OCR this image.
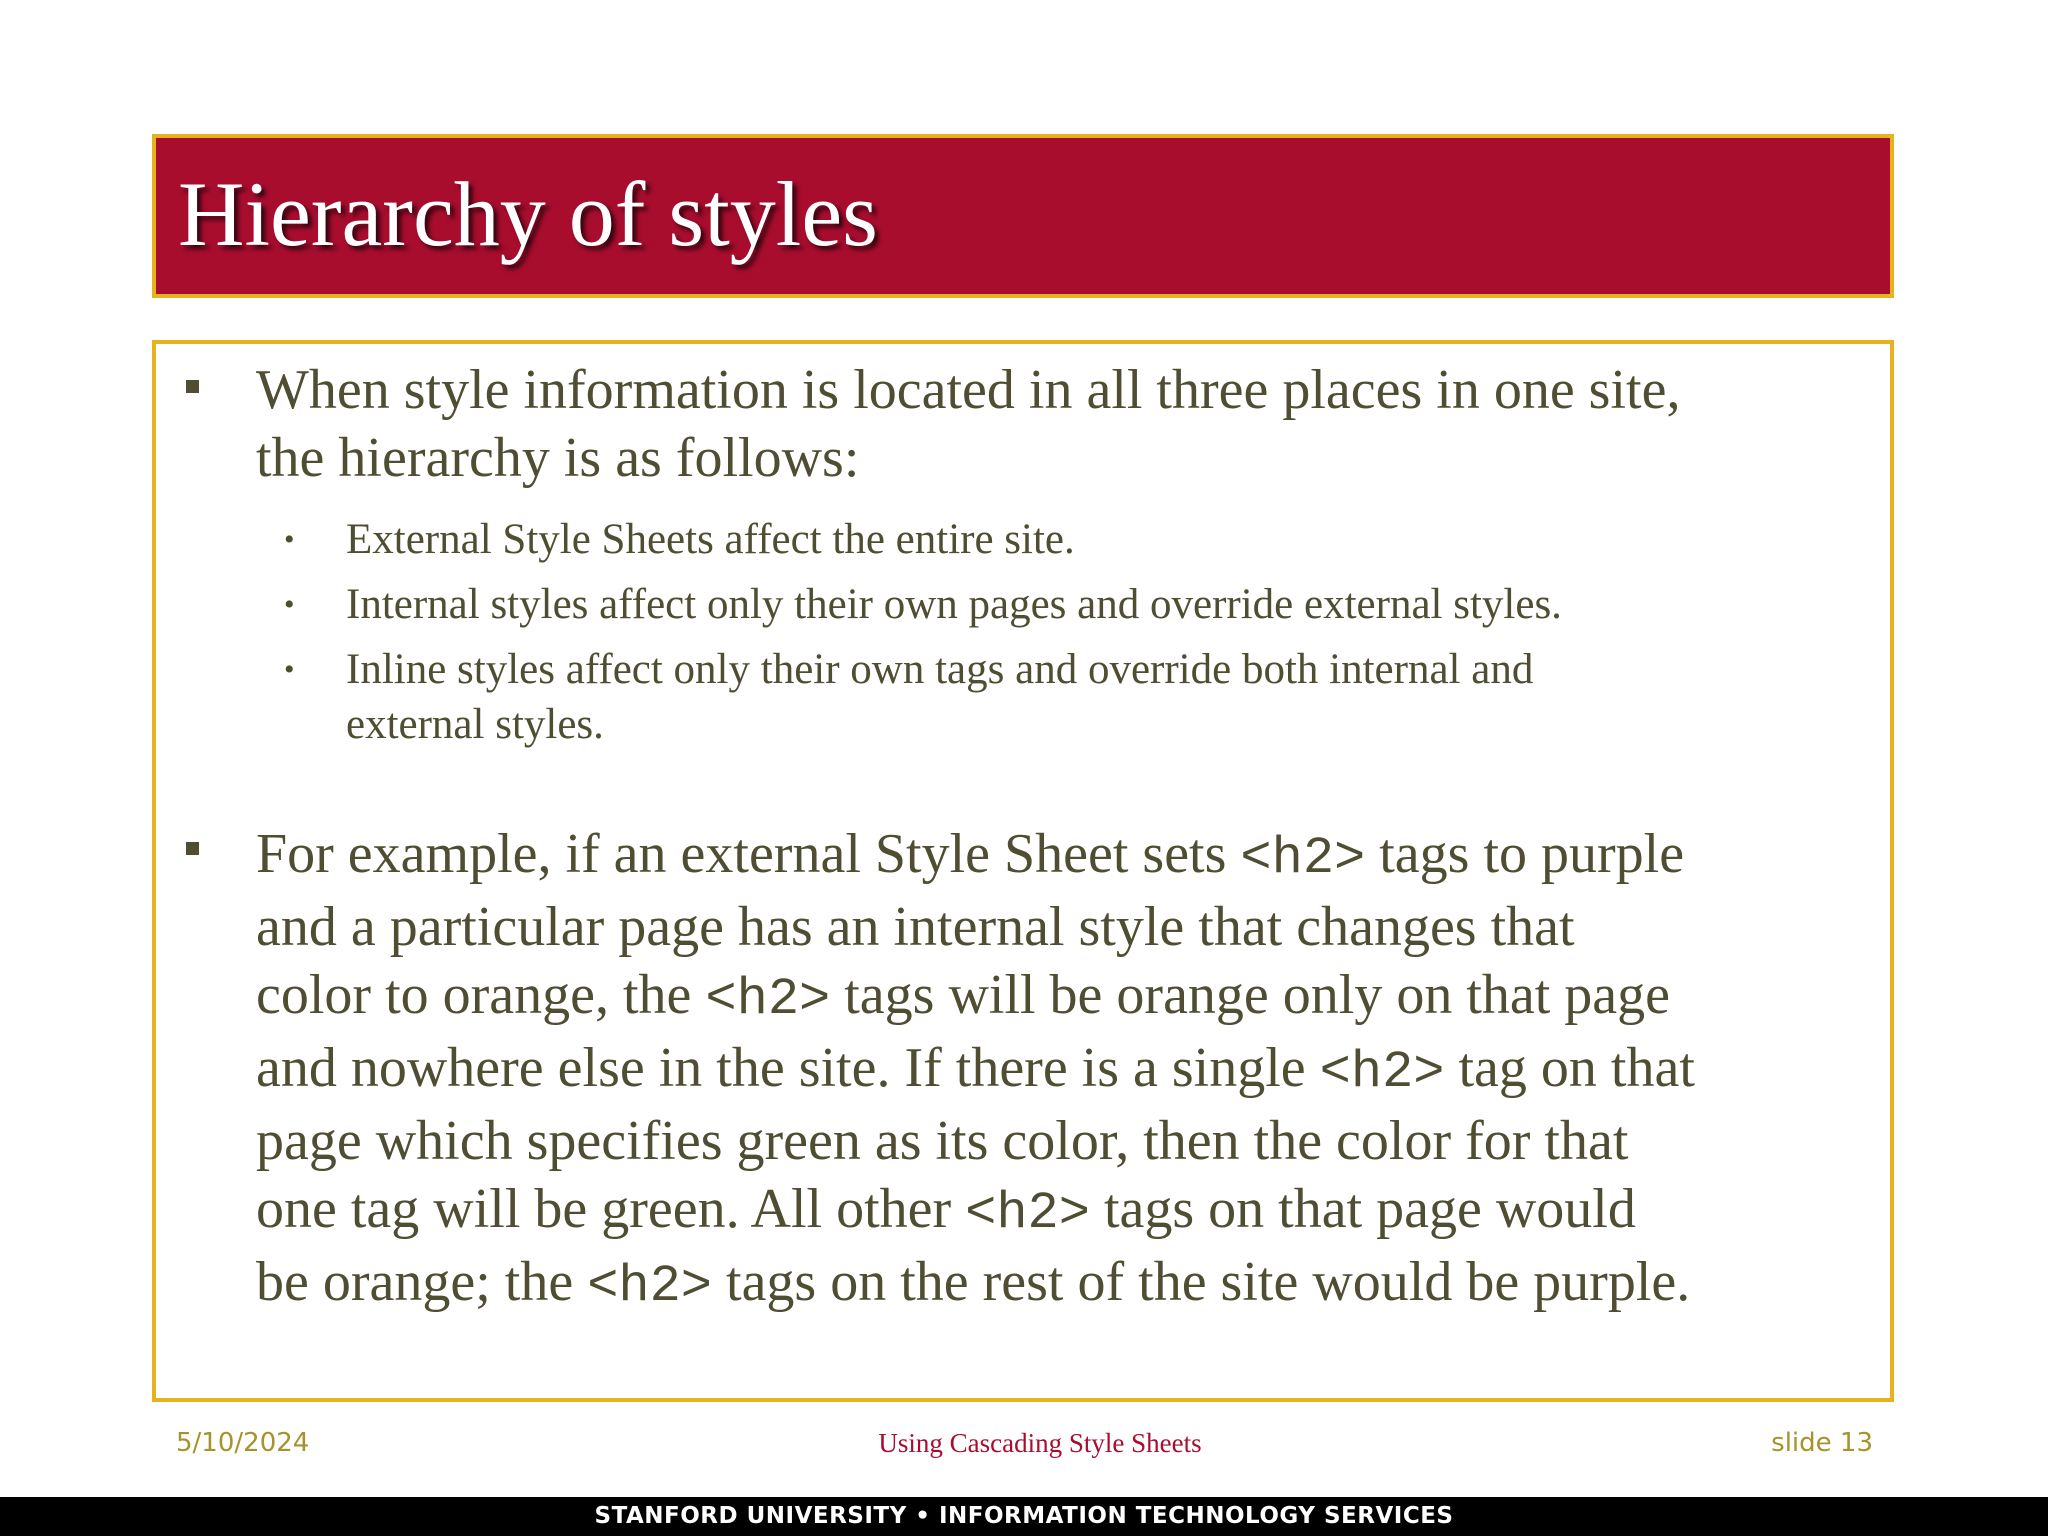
Hierarchy of styles
When style information is located in all three places in one site,
the hierarchy is as follows:
• External Style Sheets affect the entire site.
• Internal styles affect only their own pages and override external styles.
• Inline styles affect only their own tags and override both internal and
external styles.
For example, if an external Style Sheet sets <h2> tags to purple
and a particular page has an internal style that changes that
color to orange, the <h2> tags will be orange only on that page
and nowhere else in the site. If there is a single <h2> tag on that
page which specifies green as its color, then the color for that
one tag will be green. All other <h2> tags on that page would
be orange; the <h2> tags on the rest of the site would be purple.
5/10/2024	Using Cascading Style Sheets	slide 13
STANFORD UNIVERSITY • INFORMATION TECHNOLOGY SERVICES
